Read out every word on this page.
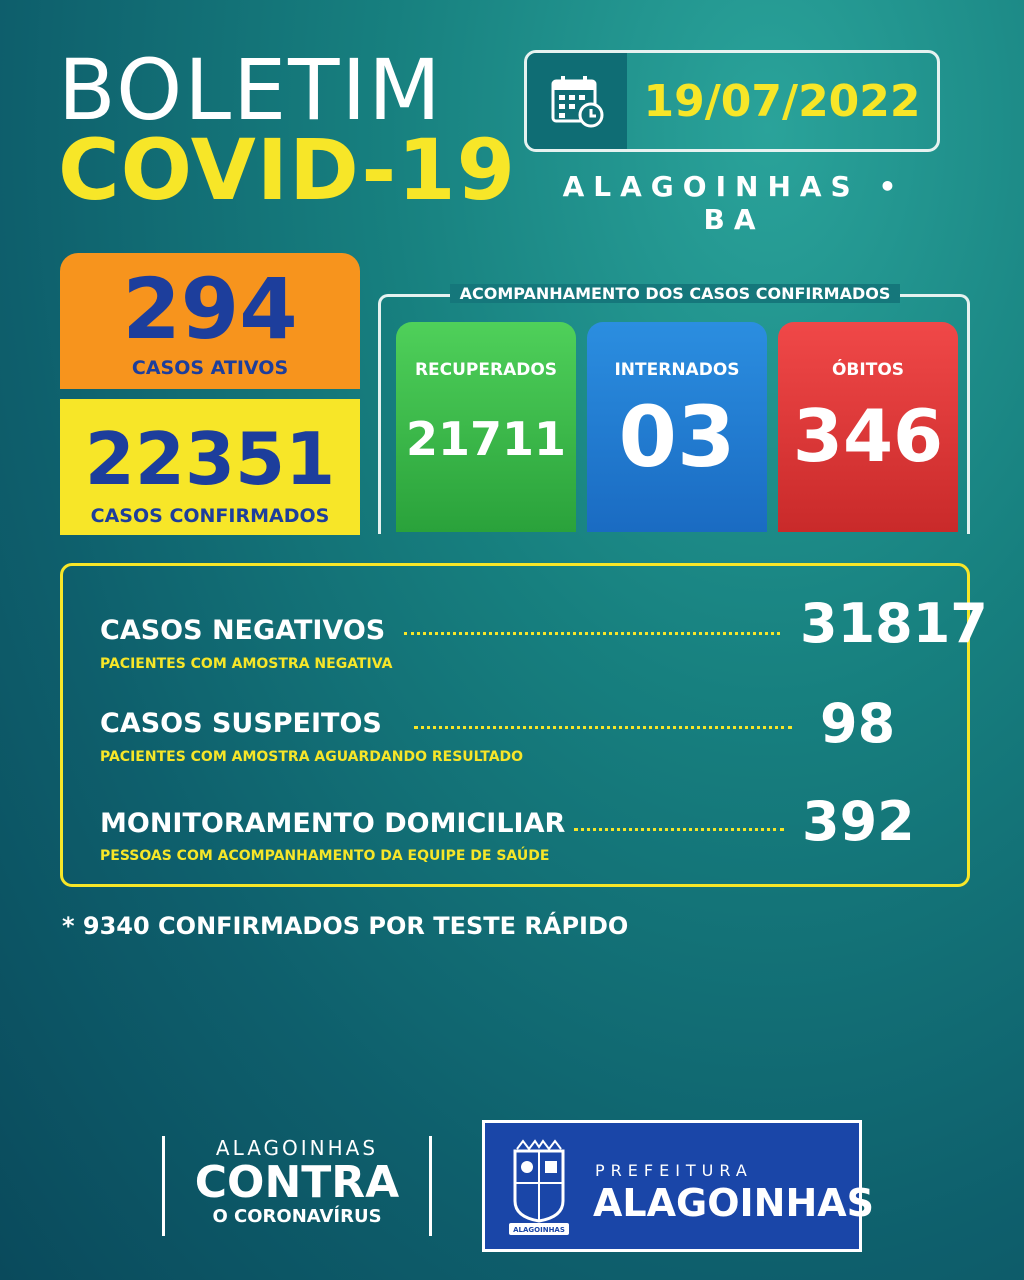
BOLETIM
COVID-19
19/07/2022
ALAGOINHAS • BA
294
CASOS ATIVOS
22351
CASOS CONFIRMADOS
ACOMPANHAMENTO DOS CASOS CONFIRMADOS
RECUPERADOS
21711
INTERNADOS
03
ÓBITOS
346
CASOS NEGATIVOS	31817
PACIENTES COM AMOSTRA NEGATIVA
CASOS SUSPEITOS	98
PACIENTES COM AMOSTRA AGUARDANDO RESULTADO
MONITORAMENTO DOMICILIAR	392
PESSOAS COM ACOMPANHAMENTO DA EQUIPE DE SAÚDE
* 9340 CONFIRMADOS POR TESTE RÁPIDO
ALAGOINHAS
CONTRA
O CORONAVÍRUS
ALAGOINHAS
PREFEITURA
ALAGOINHAS
